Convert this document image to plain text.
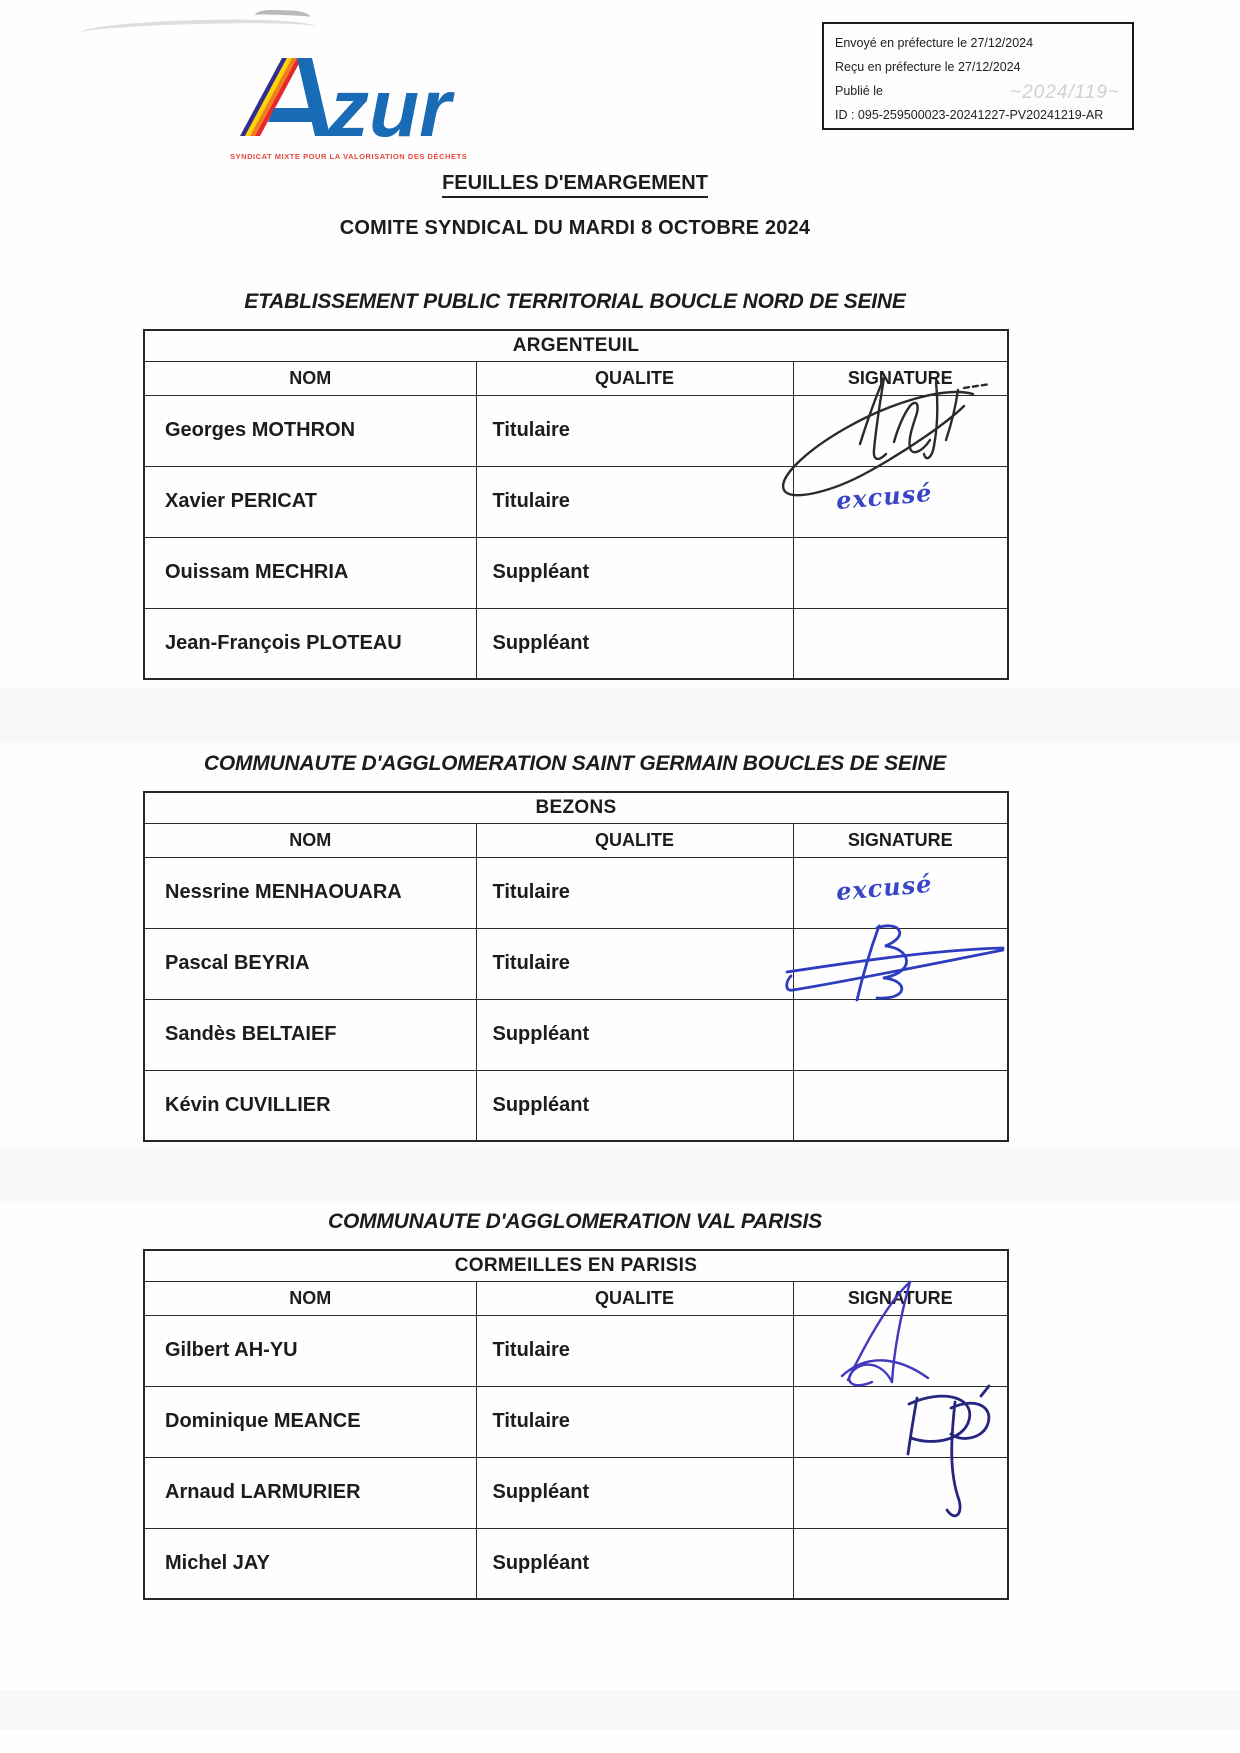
~2024/119~
Envoyé en préfecture le 27/12/2024
Reçu en préfecture le 27/12/2024
Publié le
ID : 095-259500023-20241227-PV20241219-AR
zur
SYNDICAT MIXTE POUR LA VALORISATION DES DÉCHETS
FEUILLES D'EMARGEMENT
COMITE SYNDICAL DU MARDI 8 OCTOBRE 2024
ETABLISSEMENT PUBLIC TERRITORIAL BOUCLE NORD DE SEINE
ARGENTEUIL		
NOM	QUALITE	SIGNATURE
Georges MOTHRON	Titulaire	
Xavier PERICAT	Titulaire	excusé

Ouissam MECHRIA	Suppléant	
Jean-François PLOTEAU	Suppléant	
COMMUNAUTE D'AGGLOMERATION SAINT GERMAIN BOUCLES DE SEINE
BEZONS		
NOM	QUALITE	SIGNATURE
Nessrine MENHAOUARA	Titulaire	excusé

Pascal BEYRIA	Titulaire	
Sandès BELTAIEF	Suppléant	
Kévin CUVILLIER	Suppléant	
COMMUNAUTE D'AGGLOMERATION VAL PARISIS
CORMEILLES EN PARISIS		
NOM	QUALITE	SIGNATURE
Gilbert AH-YU	Titulaire	
Dominique MEANCE	Titulaire	
Arnaud LARMURIER	Suppléant	
Michel JAY	Suppléant	
